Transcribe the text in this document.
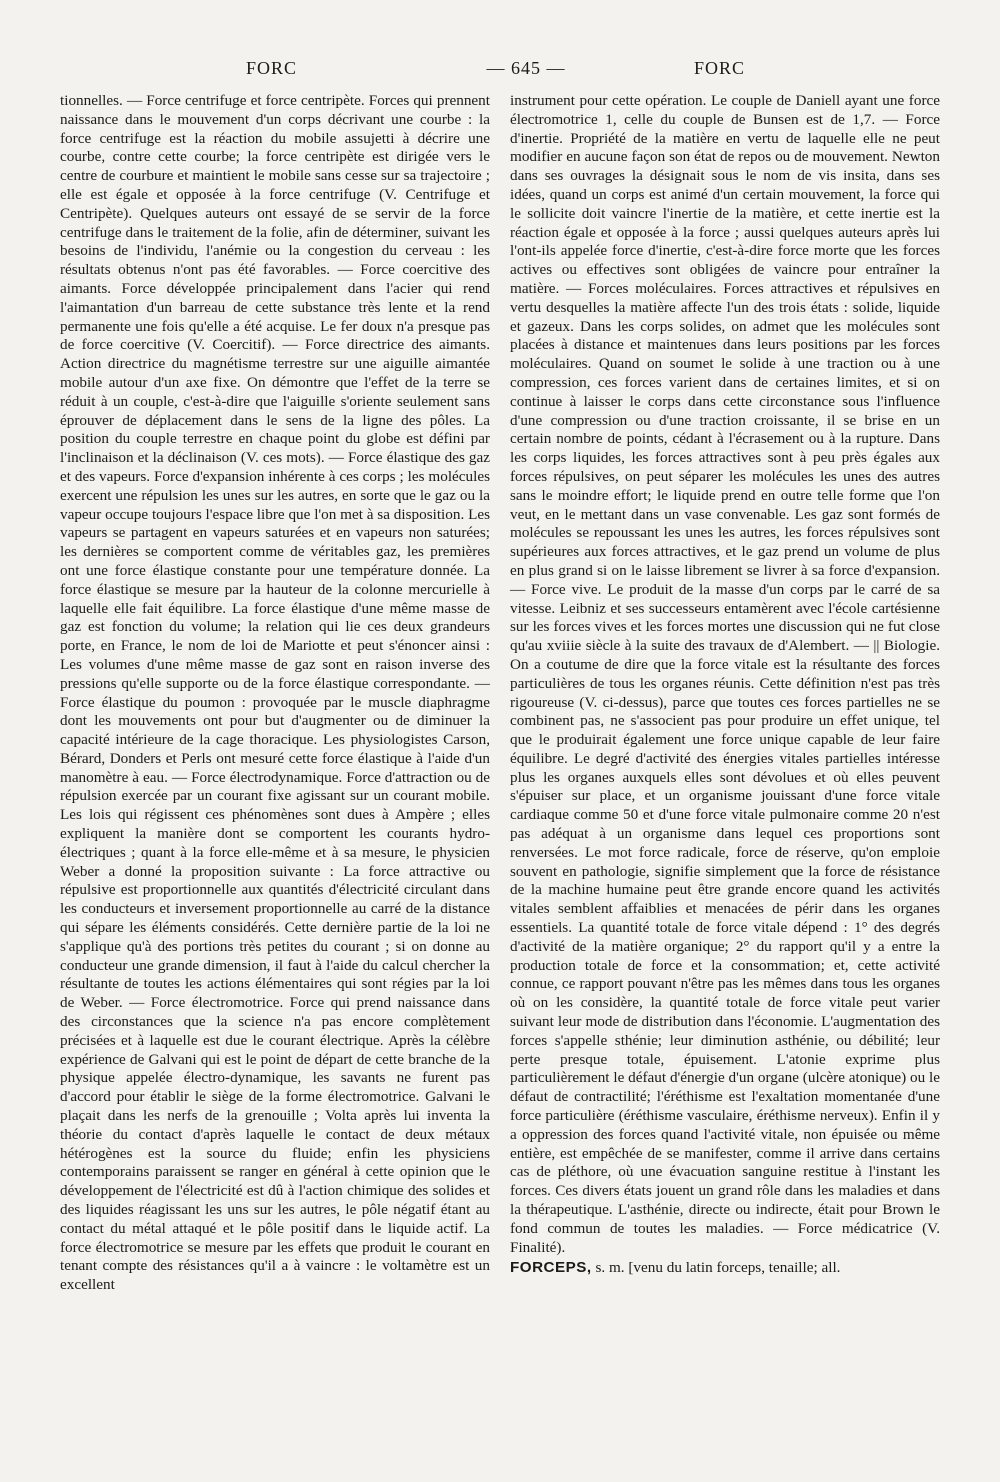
FORC	— 645 —	FORC

tionnelles. — Force centrifuge et force centripète. Forces qui prennent naissance dans le mouvement d'un corps décrivant une courbe : la force centrifuge est la réaction du mobile assujetti à décrire une courbe, contre cette courbe; la force centripète est dirigée vers le centre de courbure et maintient le mobile sans cesse sur sa trajectoire ; elle est égale et opposée à la force centrifuge (V. Centrifuge et Centripète). Quelques auteurs ont essayé de se servir de la force centrifuge dans le traitement de la folie, afin de déterminer, suivant les besoins de l'individu, l'anémie ou la congestion du cerveau : les résultats obtenus n'ont pas été favorables. — Force coercitive des aimants. Force développée principalement dans l'acier qui rend l'aimantation d'un barreau de cette substance très lente et la rend permanente une fois qu'elle a été acquise. Le fer doux n'a presque pas de force coercitive (V. Coercitif). — Force directrice des aimants. Action directrice du magnétisme terrestre sur une aiguille aimantée mobile autour d'un axe fixe. On démontre que l'effet de la terre se réduit à un couple, c'est-à-dire que l'aiguille s'oriente seulement sans éprouver de déplacement dans le sens de la ligne des pôles. La position du couple terrestre en chaque point du globe est défini par l'inclinaison et la déclinaison (V. ces mots). — Force élastique des gaz et des vapeurs. Force d'expansion inhérente à ces corps ; les molécules exercent une répulsion les unes sur les autres, en sorte que le gaz ou la vapeur occupe toujours l'espace libre que l'on met à sa disposition. Les vapeurs se partagent en vapeurs saturées et en vapeurs non saturées; les dernières se comportent comme de véritables gaz, les premières ont une force élastique constante pour une température donnée. La force élastique se mesure par la hauteur de la colonne mercurielle à laquelle elle fait équilibre. La force élastique d'une même masse de gaz est fonction du volume; la relation qui lie ces deux grandeurs porte, en France, le nom de loi de Mariotte et peut s'énoncer ainsi : Les volumes d'une même masse de gaz sont en raison inverse des pressions qu'elle supporte ou de la force élastique correspondante. — Force élastique du poumon : provoquée par le muscle diaphragme dont les mouvements ont pour but d'augmenter ou de diminuer la capacité intérieure de la cage thoracique. Les physiologistes Carson, Bérard, Donders et Perls ont mesuré cette force élastique à l'aide d'un manomètre à eau. — Force électrodynamique. Force d'attraction ou de répulsion exercée par un courant fixe agissant sur un courant mobile. Les lois qui régissent ces phénomènes sont dues à Ampère ; elles expliquent la manière dont se comportent les courants hydro-électriques ; quant à la force elle-même et à sa mesure, le physicien Weber a donné la proposition suivante : La force attractive ou répulsive est proportionnelle aux quantités d'électricité circulant dans les conducteurs et inversement proportionnelle au carré de la distance qui sépare les éléments considérés. Cette dernière partie de la loi ne s'applique qu'à des portions très petites du courant ; si on donne au conducteur une grande dimension, il faut à l'aide du calcul chercher la résultante de toutes les actions élémentaires qui sont régies par la loi de Weber. — Force électromotrice. Force qui prend naissance dans des circonstances que la science n'a pas encore complètement précisées et à laquelle est due le courant électrique. Après la célèbre expérience de Galvani qui est le point de départ de cette branche de la physique appelée électro-dynamique, les savants ne furent pas d'accord pour établir le siège de la forme électromotrice. Galvani le plaçait dans les nerfs de la grenouille ; Volta après lui inventa la théorie du contact d'après laquelle le contact de deux métaux hétérogènes est la source du fluide; enfin les physiciens contemporains paraissent se ranger en général à cette opinion que le développement de l'électricité est dû à l'action chimique des solides et des liquides réagissant les uns sur les autres, le pôle négatif étant au contact du métal attaqué et le pôle positif dans le liquide actif. La force électromotrice se mesure par les effets que produit le courant en tenant compte des résistances qu'il a à vaincre : le voltamètre est un excellent

instrument pour cette opération. Le couple de Daniell ayant une force électromotrice 1, celle du couple de Bunsen est de 1,7. — Force d'inertie. Propriété de la matière en vertu de laquelle elle ne peut modifier en aucune façon son état de repos ou de mouvement. Newton dans ses ouvrages la désignait sous le nom de vis insita, dans ses idées, quand un corps est animé d'un certain mouvement, la force qui le sollicite doit vaincre l'inertie de la matière, et cette inertie est la réaction égale et opposée à la force ; aussi quelques auteurs après lui l'ont-ils appelée force d'inertie, c'est-à-dire force morte que les forces actives ou effectives sont obligées de vaincre pour entraîner la matière. — Forces moléculaires. Forces attractives et répulsives en vertu desquelles la matière affecte l'un des trois états : solide, liquide et gazeux. Dans les corps solides, on admet que les molécules sont placées à distance et maintenues dans leurs positions par les forces moléculaires. Quand on soumet le solide à une traction ou à une compression, ces forces varient dans de certaines limites, et si on continue à laisser le corps dans cette circonstance sous l'influence d'une compression ou d'une traction croissante, il se brise en un certain nombre de points, cédant à l'écrasement ou à la rupture. Dans les corps liquides, les forces attractives sont à peu près égales aux forces répulsives, on peut séparer les molécules les unes des autres sans le moindre effort; le liquide prend en outre telle forme que l'on veut, en le mettant dans un vase convenable. Les gaz sont formés de molécules se repoussant les unes les autres, les forces répulsives sont supérieures aux forces attractives, et le gaz prend un volume de plus en plus grand si on le laisse librement se livrer à sa force d'expansion. — Force vive. Le produit de la masse d'un corps par le carré de sa vitesse. Leibniz et ses successeurs entamèrent avec l'école cartésienne sur les forces vives et les forces mortes une discussion qui ne fut close qu'au xviiie siècle à la suite des travaux de d'Alembert. — || Biologie. On a coutume de dire que la force vitale est la résultante des forces particulières de tous les organes réunis. Cette définition n'est pas très rigoureuse (V. ci-dessus), parce que toutes ces forces partielles ne se combinent pas, ne s'associent pas pour produire un effet unique, tel que le produirait également une force unique capable de leur faire équilibre. Le degré d'activité des énergies vitales partielles intéresse plus les organes auxquels elles sont dévolues et où elles peuvent s'épuiser sur place, et un organisme jouissant d'une force vitale cardiaque comme 50 et d'une force vitale pulmonaire comme 20 n'est pas adéquat à un organisme dans lequel ces proportions sont renversées. Le mot force radicale, force de réserve, qu'on emploie souvent en pathologie, signifie simplement que la force de résistance de la machine humaine peut être grande encore quand les activités vitales semblent affaiblies et menacées de périr dans les organes essentiels. La quantité totale de force vitale dépend : 1° des degrés d'activité de la matière organique; 2° du rapport qu'il y a entre la production totale de force et la consommation; et, cette activité connue, ce rapport pouvant n'être pas les mêmes dans tous les organes où on les considère, la quantité totale de force vitale peut varier suivant leur mode de distribution dans l'économie. L'augmentation des forces s'appelle sthénie; leur diminution asthénie, ou débilité; leur perte presque totale, épuisement. L'atonie exprime plus particulièrement le défaut d'énergie d'un organe (ulcère atonique) ou le défaut de contractilité; l'éréthisme est l'exaltation momentanée d'une force particulière (éréthisme vasculaire, éréthisme nerveux). Enfin il y a oppression des forces quand l'activité vitale, non épuisée ou même entière, est empêchée de se manifester, comme il arrive dans certains cas de pléthore, où une évacuation sanguine restitue à l'instant les forces. Ces divers états jouent un grand rôle dans les maladies et dans la thérapeutique. L'asthénie, directe ou indirecte, était pour Brown le fond commun de toutes les maladies. — Force médicatrice (V. Finalité).

FORCEPS, s. m. [venu du latin forceps, tenaille; all.
